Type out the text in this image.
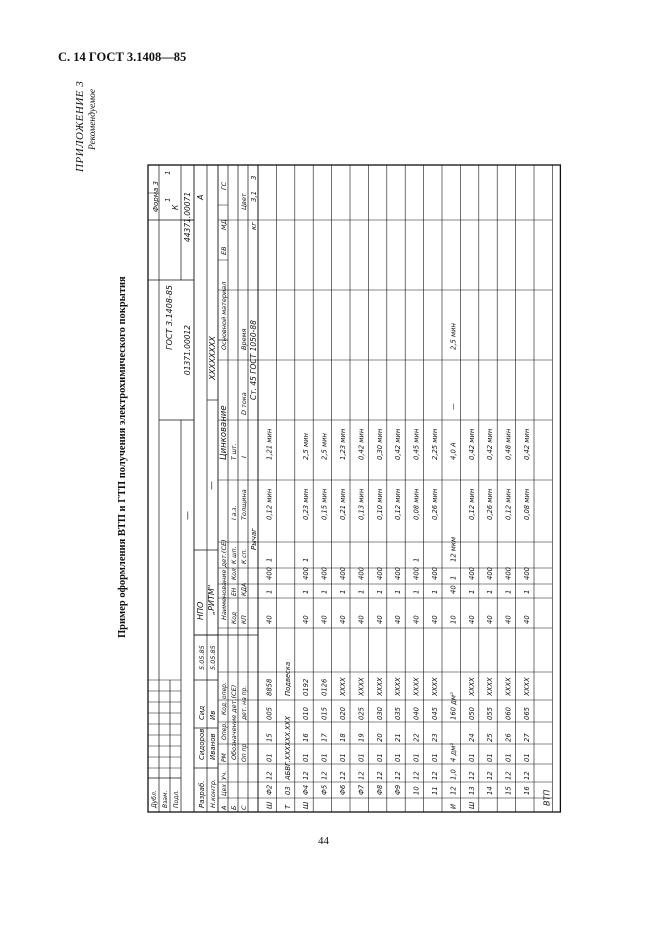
С. 14 ГОСТ 3.1408—85
ПРИЛОЖЕНИЕ 3 Рекомендуемое
Пример оформления ВТП и ГТП получения электрохимического покрытия
Форма 3
ГОСТ 3.1408-85
1
1
Дубл. Взам. Подл.
01371.00012
К 44371.00071 А
Разраб.
Сидоров
Сид
5.05.85
Н.контр.
Иванов
Ив
5.05.85
НПО „РИТМ"
—
—
XXXXXXXX
Цинкование
ЕВ
МД
ГС
А
Цех
Уч.
РМ
Опер.
Код. опер.
Наименование дет.(СЕ)
Основной материал
Б
Обозначение дет.(СЕ)
Код
ЕН
Кол
К шп.
I а.з.
Т шт.
С
Оп пр
дет. на пр.
КП
КДА
К сп.
Толщина
I
D тока
Время
Цвет
Рычаг
Ст. 45 ГОСТ 1050-88
кг
3,1
3
Ш
Ф2
12
01
15
005
8858
40
1
400
1
0,12 мин
1,21 мин
Т
03
АБВГ.ХХХХХХ.ХХХ
Подвеска
Ш
Ф4
12
01
16
010
0192
40
1
400
1
0,23 мин
2,5 мин
Ф5
12
01
17
015
0126
40
1
400
0,15 мин
2,5 мин
Ф6
12
01
18
020
XXXX
40
1
400
0,21 мин
1,23 мин
Ф7
12
01
19
025
XXXX
40
1
400
0,13 мин
0,42 мин
Ф8
12
01
20
030
XXXX
40
1
400
0,10 мин
0,30 мин
Ф9
12
01
21
035
XXXX
40
1
400
0,12 мин
0,42 мин
10
12
01
22
040
XXXX
40
1
400
1
0,08 мин
0,45 мин
11
12
01
23
045
XXXX
40
1
400
0,26 мин
2,25 мин
И
12
1,0
4 дм²
160 дм²
10
40
1
12 мкм
4,0 А
—
2,5 мин
Ш
13
12
01
24
050
XXXX
40
1
400
0,12 мин
0,42 мин
14
12
01
25
055
XXXX
40
1
400
0,26 мин
0,42 мин
15
12
01
26
060
XXXX
40
1
400
0,12 мин
0,48 мин
16
12
01
27
065
XXXX
40
1
400
0,08 мин
0,42 мин
ВТП
44
